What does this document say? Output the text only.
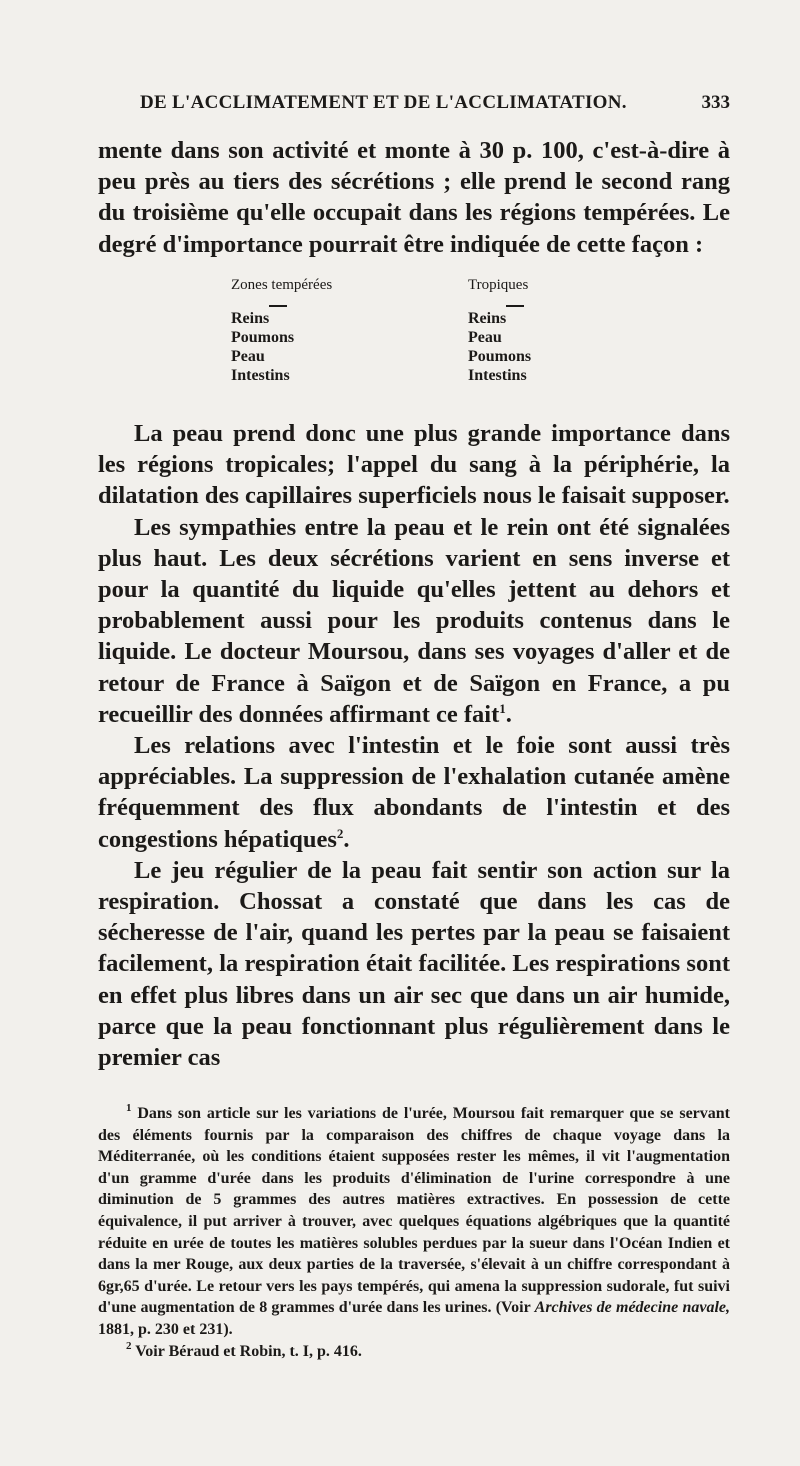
DE L'ACCLIMATEMENT ET DE L'ACCLIMATATION.	333

mente dans son activité et monte à 30 p. 100, c'est-à-dire à peu près au tiers des sécrétions ; elle prend le second rang du troisième qu'elle occupait dans les régions tempérées. Le degré d'importance pourrait être indiquée de cette façon :

Zones tempérées
Reins
Poumons
Peau
Intestins
Tropiques
Reins
Peau
Poumons
Intestins

La peau prend donc une plus grande importance dans les régions tropicales; l'appel du sang à la périphérie, la dilatation des capillaires superficiels nous le faisait supposer.

Les sympathies entre la peau et le rein ont été signalées plus haut. Les deux sécrétions varient en sens inverse et pour la quantité du liquide qu'elles jettent au dehors et probablement aussi pour les produits contenus dans le liquide. Le docteur Moursou, dans ses voyages d'aller et de retour de France à Saïgon et de Saïgon en France, a pu recueillir des données affirmant ce fait$^1$.

Les relations avec l'intestin et le foie sont aussi très appréciables. La suppression de l'exhalation cutanée amène fréquemment des flux abondants de l'intestin et des congestions hépatiques$^2$.

Le jeu régulier de la peau fait sentir son action sur la respiration. Chossat a constaté que dans les cas de sécheresse de l'air, quand les pertes par la peau se faisaient facilement, la respiration était facilitée. Les respirations sont en effet plus libres dans un air sec que dans un air humide, parce que la peau fonctionnant plus régulièrement dans le premier cas

$^1$ Dans son article sur les variations de l'urée, Moursou fait remarquer que se servant des éléments fournis par la comparaison des chiffres de chaque voyage dans la Méditerranée, où les conditions étaient supposées rester les mêmes, il vit l'augmentation d'un gramme d'urée dans les produits d'élimination de l'urine correspondre à une diminution de 5 grammes des autres matières extractives. En possession de cette équivalence, il put arriver à trouver, avec quelques équations algébriques que la quantité réduite en urée de toutes les matières solubles perdues par la sueur dans l'Océan Indien et dans la mer Rouge, aux deux parties de la traversée, s'élevait à un chiffre correspondant à 6gr,65 d'urée. Le retour vers les pays tempérés, qui amena la suppression sudorale, fut suivi d'une augmentation de 8 grammes d'urée dans les urines. (Voir Archives de médecine navale, 1881, p. 230 et 231).

$^2$ Voir Béraud et Robin, t. I, p. 416.
